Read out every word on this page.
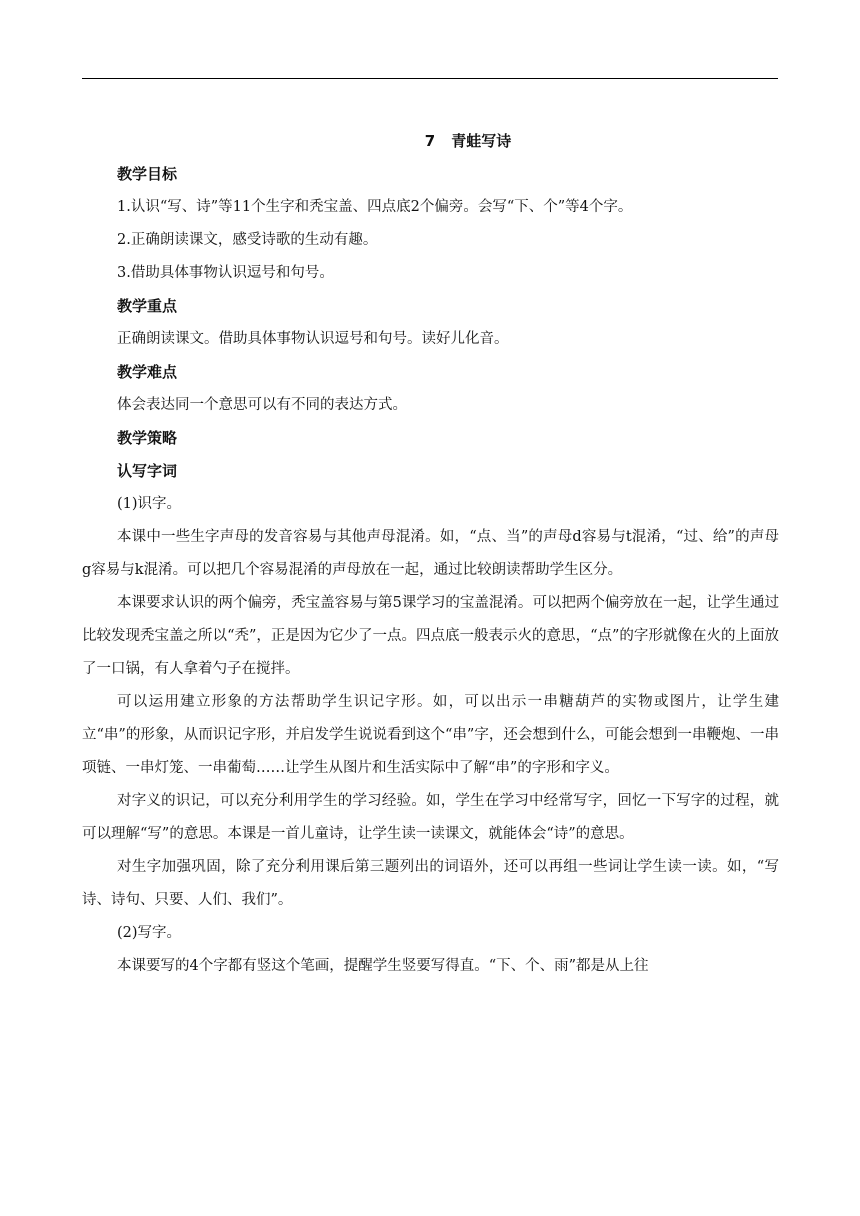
7 青蛙写诗
教学目标
1.认识“写、诗”等11个生字和秃宝盖、四点底2个偏旁。会写“下、个”等4个字。
2.正确朗读课文，感受诗歌的生动有趣。
3.借助具体事物认识逗号和句号。
教学重点
正确朗读课文。借助具体事物认识逗号和句号。读好儿化音。
教学难点
体会表达同一个意思可以有不同的表达方式。
教学策略
认写字词
(1)识字。
本课中一些生字声母的发音容易与其他声母混淆。如，“点、当”的声母d容易与t混淆，“过、给”的声母g容易与k混淆。可以把几个容易混淆的声母放在一起，通过比较朗读帮助学生区分。
本课要求认识的两个偏旁，秃宝盖容易与第5课学习的宝盖混淆。可以把两个偏旁放在一起，让学生通过比较发现秃宝盖之所以“秃”，正是因为它少了一点。四点底一般表示火的意思，“点”的字形就像在火的上面放了一口锅，有人拿着勺子在搅拌。
可以运用建立形象的方法帮助学生识记字形。如，可以出示一串糖葫芦的实物或图片，让学生建立“串”的形象，从而识记字形，并启发学生说说看到这个“串”字，还会想到什么，可能会想到一串鞭炮、一串项链、一串灯笼、一串葡萄……让学生从图片和生活实际中了解“串”的字形和字义。
对字义的识记，可以充分利用学生的学习经验。如，学生在学习中经常写字，回忆一下写字的过程，就可以理解“写”的意思。本课是一首儿童诗，让学生读一读课文，就能体会“诗”的意思。
对生字加强巩固，除了充分利用课后第三题列出的词语外，还可以再组一些词让学生读一读。如，“写诗、诗句、只要、人们、我们”。
(2)写字。
本课要写的4个字都有竖这个笔画，提醒学生竖要写得直。“下、个、雨”都是从上往
